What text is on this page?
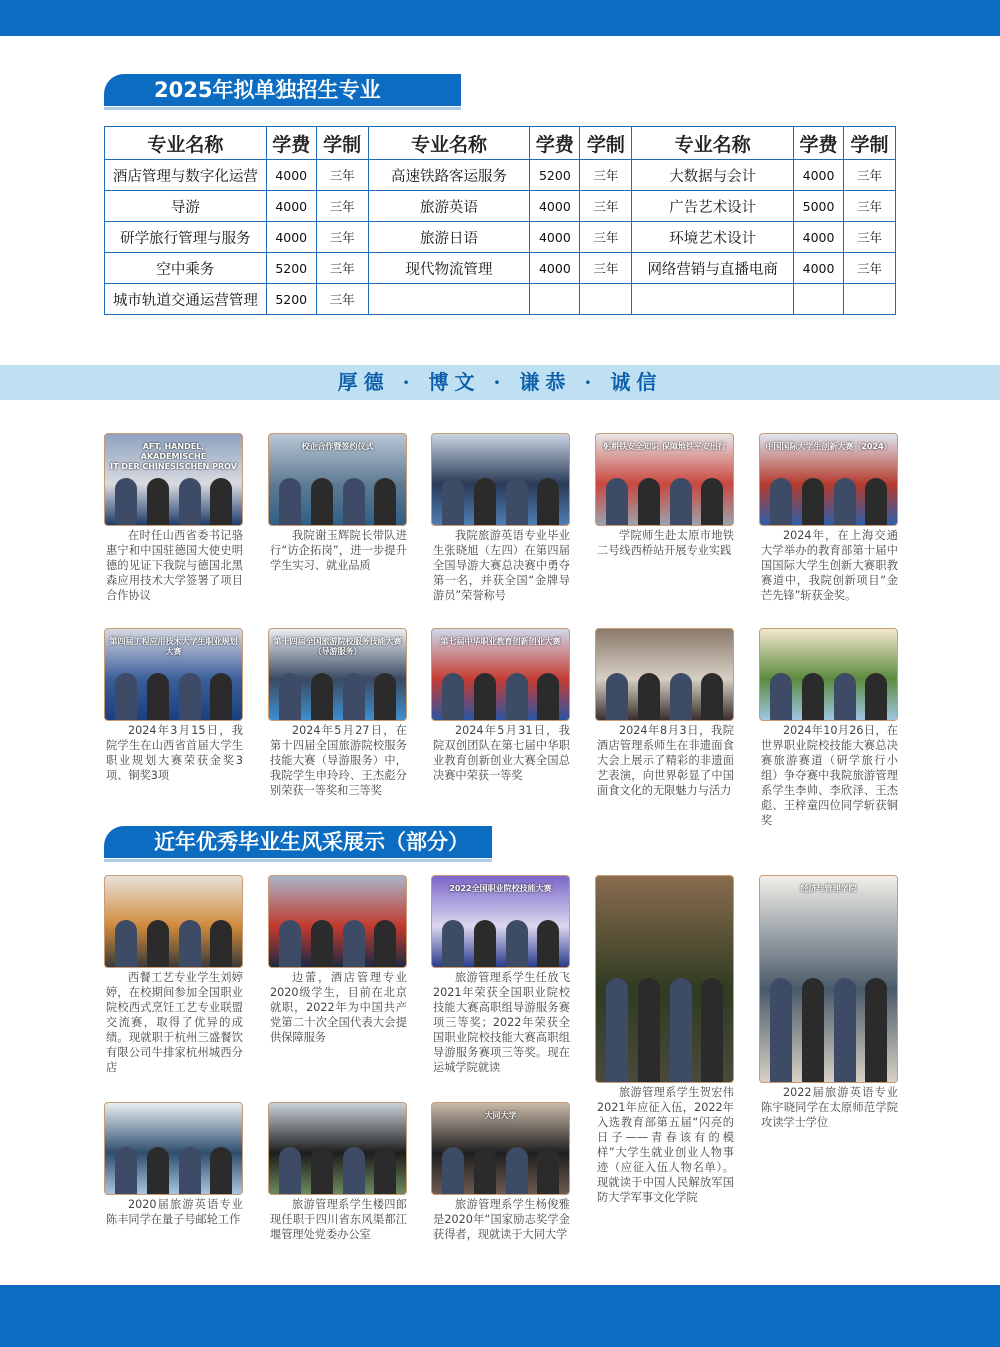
2025年拟单独招生专业
专业名称	学费	学制	专业名称	学费	学制	专业名称	学费	学制
酒店管理与数字化运营	4000	三年	高速铁路客运服务	5200	三年	大数据与会计	4000	三年
导游	4000	三年	旅游英语	4000	三年	广告艺术设计	5000	三年
研学旅行管理与服务	4000	三年	旅游日语	4000	三年	环境艺术设计	4000	三年
空中乘务	5200	三年	现代物流管理	4000	三年	网络营销与直播电商	4000	三年
城市轨道交通运营管理	5200	三年						
厚德 · 博文 · 谦恭 · 诚信
AFT, HANDEL, AKADEMISCHE
IT DER CHINESISCHEN PROV
在时任山西省委书记骆惠宁和中国驻德国大使史明德的见证下我院与德国北黑森应用技术大学签署了项目合作协议
校企合作暨签约仪式
我院谢玉辉院长带队进行“访企拓岗”，进一步提升学生实习、就业品质
我院旅游英语专业毕业生张晓旭（左四）在第四届全国导游大赛总决赛中勇夺第一名，并获全国“金牌导游员”荣誉称号
躬耕铁安全知识 保障地铁平安出行
学院师生赴太原市地铁二号线西桥站开展专业实践
中国国际大学生创新大赛（2024）
2024年，在上海交通大学举办的教育部第十届中国国际大学生创新大赛职教赛道中，我院创新项目“金芒先锋”斩获金奖。
第四届工程应用技术大学生职业规划大赛
2024年3月15日，我院学生在山西省首届大学生职业规划大赛荣获金奖3项、铜奖3项
第十四届全国旅游院校服务技能大赛（导游服务）
2024年5月27日，在第十四届全国旅游院校服务技能大赛（导游服务）中，我院学生申玲玲、王杰彪分别荣获一等奖和三等奖
第七届中华职业教育创新创业大赛
2024年5月31日，我院双创团队在第七届中华职业教育创新创业大赛全国总决赛中荣获一等奖
2024年8月3日，我院酒店管理系师生在非遗面食大会上展示了精彩的非遗面艺表演，向世界彰显了中国面食文化的无限魅力与活力
2024年10月26日，在世界职业院校技能大赛总决赛旅游赛道（研学旅行小组）争夺赛中我院旅游管理系学生李帅、李欣泽、王杰彪、王梓童四位同学斩获铜奖
近年优秀毕业生风采展示（部分）
西餐工艺专业学生刘婷婷，在校期间参加全国职业院校西式烹饪工艺专业联盟交流赛，取得了优异的成绩。现就职于杭州三盛餐饮有限公司牛排家杭州城西分店
边蕾，酒店管理专业2020级学生，目前在北京就职，2022年为中国共产党第二十次全国代表大会提供保障服务
2022全国职业院校技能大赛
旅游管理系学生任放飞2021年荣获全国职业院校技能大赛高职组导游服务赛项三等奖；2022年荣获全国职业院校技能大赛高职组导游服务赛项三等奖。现在运城学院就读
旅游管理系学生贺宏伟2021年应征入伍，2022年入选教育部第五届“闪亮的日子——青春该有的模样”大学生就业创业人物事迹（应征入伍人物名单）。现就读于中国人民解放军国防大学军事文化学院
经济与管理学院
2022届旅游英语专业陈宇晓同学在太原师范学院攻读学士学位
2020届旅游英语专业陈丰同学在量子号邮轮工作
旅游管理系学生楼四郎现任职于四川省东风渠都江堰管理处党委办公室
大同大学
旅游管理系学生杨俊雅是2020年“国家励志奖学金获得者，现就读于大同大学
